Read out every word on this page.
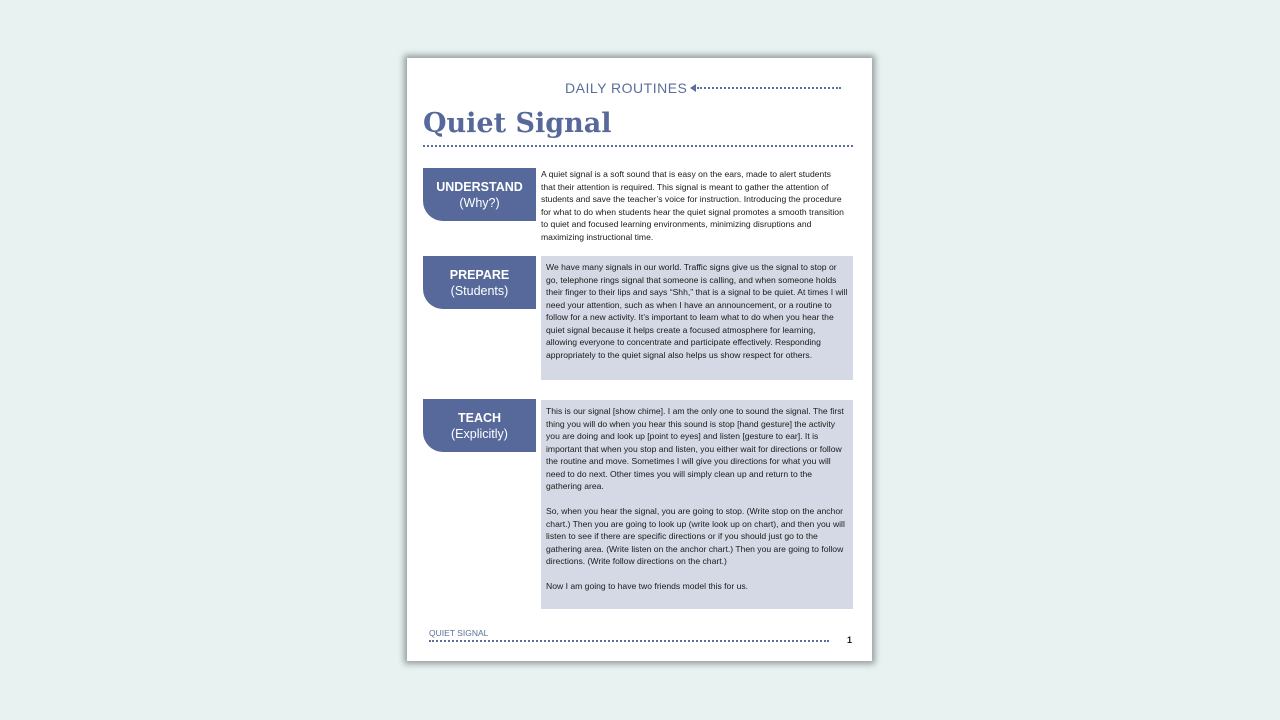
DAILY ROUTINES
Quiet Signal
UNDERSTAND
(Why?)

A quiet signal is a soft sound that is easy on the ears, made to alert students that their attention is required. This signal is meant to gather the attention of students and save the teacher’s voice for instruction. Introducing the procedure for what to do when students hear the quiet signal promotes a smooth transition to quiet and focused learning environments, minimizing disruptions and maximizing instructional time.

PREPARE
(Students)

We have many signals in our world. Traffic signs give us the signal to stop or go, telephone rings signal that someone is calling, and when someone holds their finger to their lips and says “Shh,” that is a signal to be quiet. At times I will need your attention, such as when I have an announcement, or a routine to follow for a new activity. It’s important to learn what to do when you hear the quiet signal because it helps create a focused atmosphere for learning, allowing everyone to concentrate and participate effectively. Responding appropriately to the quiet signal also helps us show respect for others.

TEACH
(Explicitly)

This is our signal [show chime]. I am the only one to sound the signal. The first thing you will do when you hear this sound is stop [hand gesture] the activity you are doing and look up [point to eyes] and listen [gesture to ear]. It is important that when you stop and listen, you either wait for directions or follow the routine and move. Sometimes I will give you directions for what you will need to do next. Other times you will simply clean up and return to the gathering area.

So, when you hear the signal, you are going to stop. (Write stop on the anchor chart.) Then you are going to look up (write look up on chart), and then you will listen to see if there are specific directions or if you should just go to the gathering area. (Write listen on the anchor chart.) Then you are going to follow directions. (Write follow directions on the chart.)

Now I am going to have two friends model this for us.

QUIET SIGNAL
1
